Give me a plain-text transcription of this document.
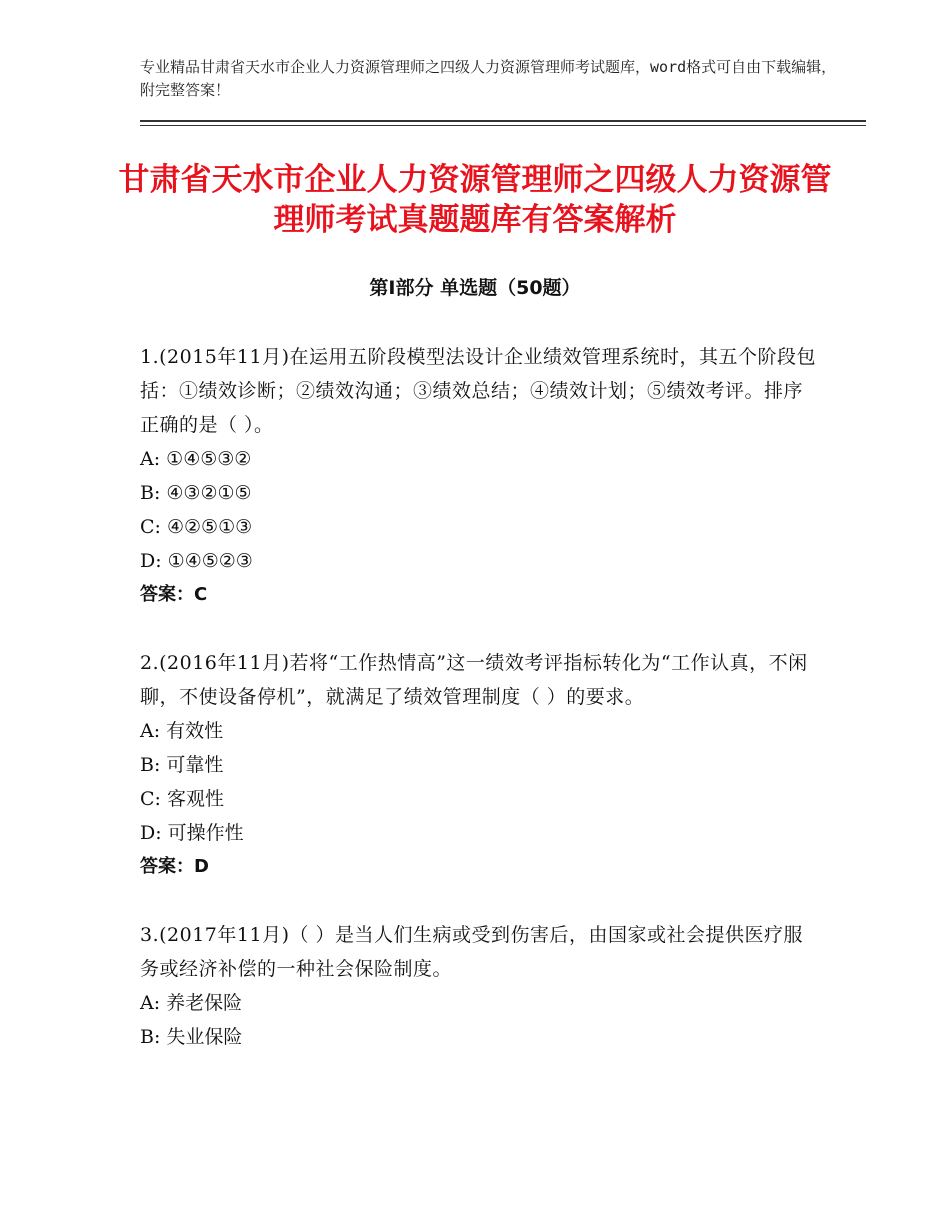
专业精品甘肃省天水市企业人力资源管理师之四级人力资源管理师考试题库，word格式可自由下载编辑，附完整答案！
甘肃省天水市企业人力资源管理师之四级人力资源管理师考试真题题库有答案解析
第Ⅰ部分 单选题（50题）
1.(2015年11月)在运用五阶段模型法设计企业绩效管理系统时，其五个阶段包括：①绩效诊断；②绩效沟通；③绩效总结；④绩效计划；⑤绩效考评。排序正确的是（ ）。
A: ①④⑤③②
B: ④③②①⑤
C: ④②⑤①③
D: ①④⑤②③
答案：C
2.(2016年11月)若将“工作热情高”这一绩效考评指标转化为“工作认真，不闲聊，不使设备停机”，就满足了绩效管理制度（ ）的要求。
A: 有效性
B: 可靠性
C: 客观性
D: 可操作性
答案：D
3.(2017年11月)（ ）是当人们生病或受到伤害后，由国家或社会提供医疗服务或经济补偿的一种社会保险制度。
A: 养老保险
B: 失业保险
